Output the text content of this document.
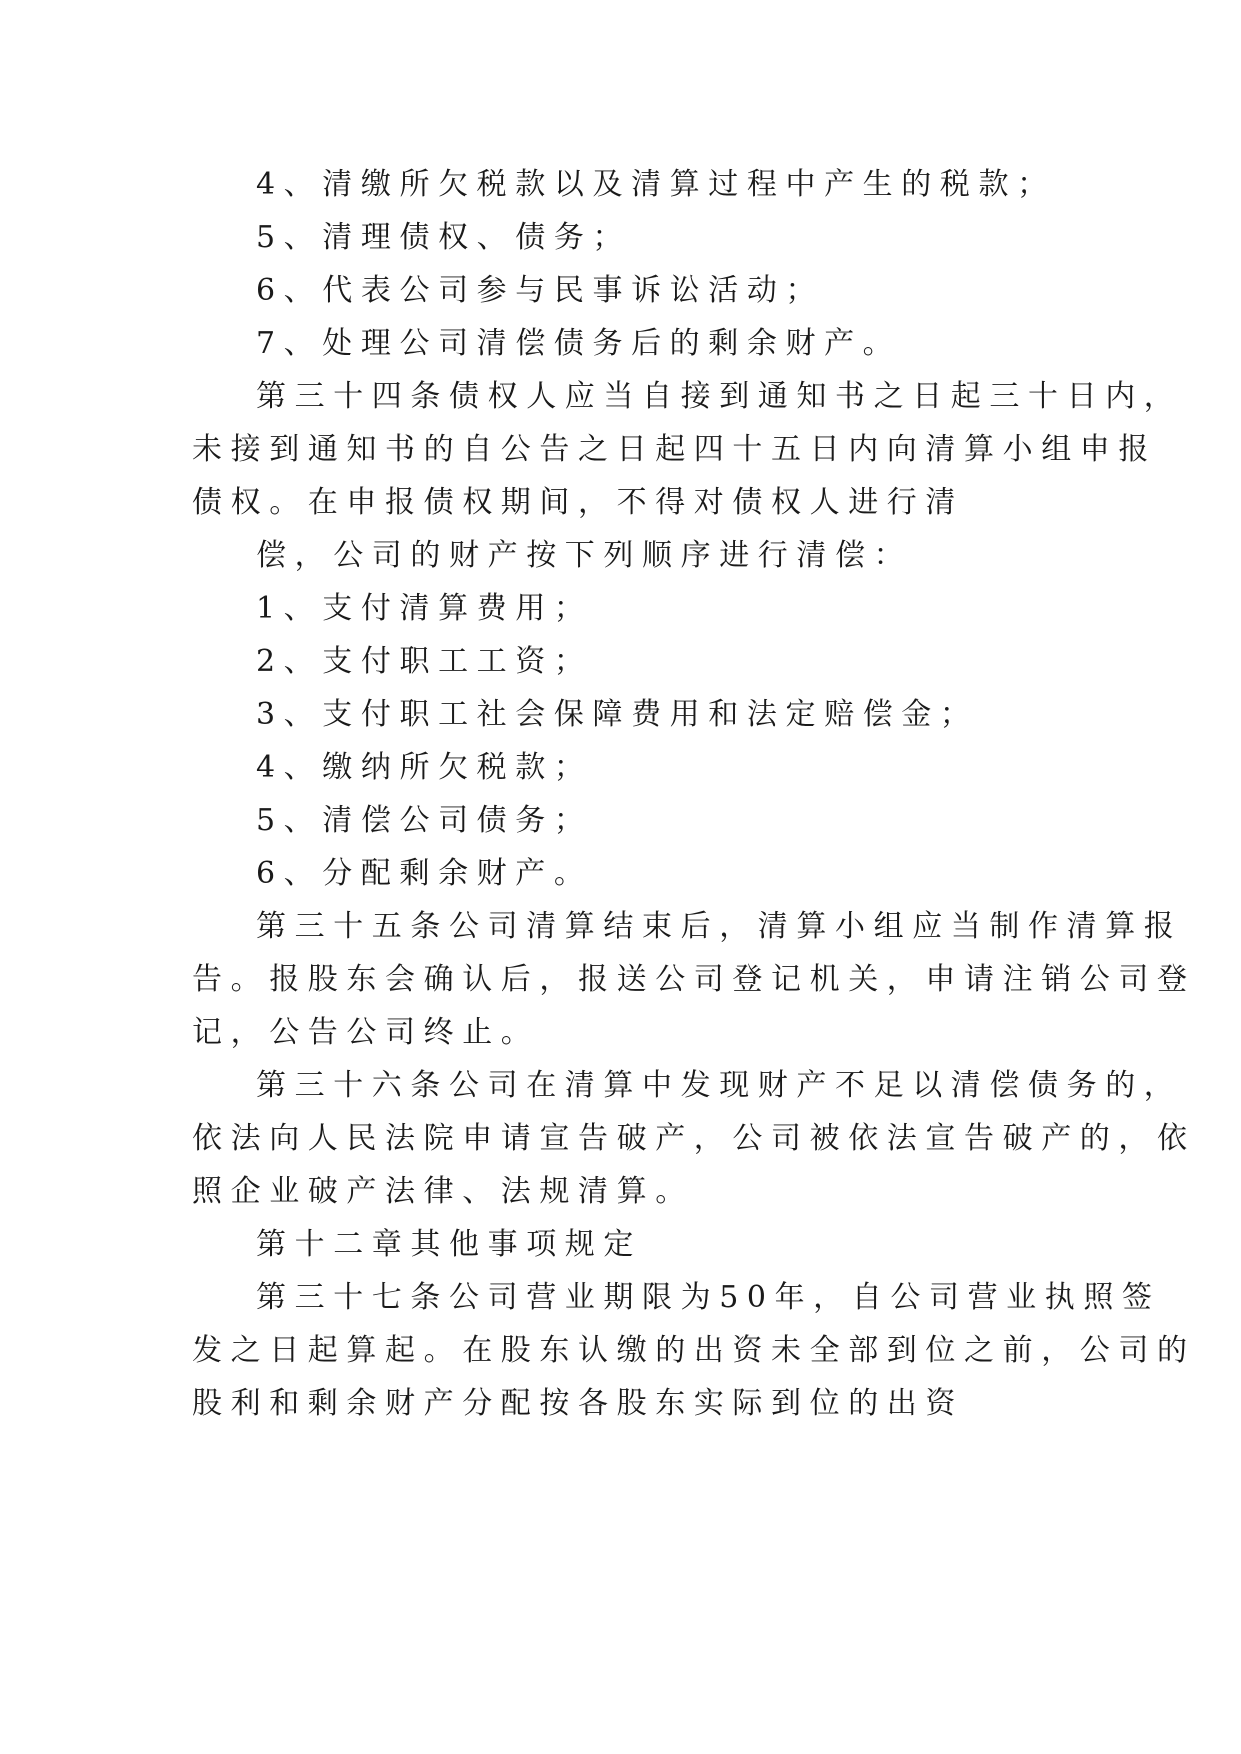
4、清缴所欠税款以及清算过程中产生的税款；

5、清理债权、债务；

6、代表公司参与民事诉讼活动；

7、处理公司清偿债务后的剩余财产。

第三十四条债权人应当自接到通知书之日起三十日内，

未接到通知书的自公告之日起四十五日内向清算小组申报

债权。在申报债权期间，不得对债权人进行清

偿，公司的财产按下列顺序进行清偿：

1、支付清算费用；

2、支付职工工资；

3、支付职工社会保障费用和法定赔偿金；

4、缴纳所欠税款；

5、清偿公司债务；

6、分配剩余财产。

第三十五条公司清算结束后，清算小组应当制作清算报

告。报股东会确认后，报送公司登记机关，申请注销公司登

记，公告公司终止。

第三十六条公司在清算中发现财产不足以清偿债务的，

依法向人民法院申请宣告破产，公司被依法宣告破产的，依

照企业破产法律、法规清算。

第十二章其他事项规定

第三十七条公司营业期限为50年，自公司营业执照签

发之日起算起。在股东认缴的出资未全部到位之前，公司的

股利和剩余财产分配按各股东实际到位的出资
